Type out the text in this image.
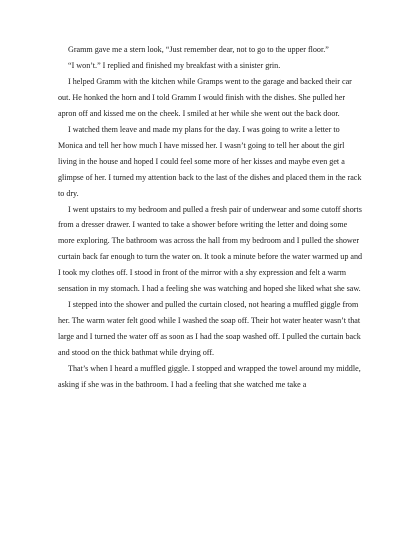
Gramm gave me a stern look, “Just remember dear, not to go to the upper floor.”

“I won’t.” I replied and finished my breakfast with a sinister grin.

I helped Gramm with the kitchen while Gramps went to the garage and backed their car out. He honked the horn and I told Gramm I would finish with the dishes. She pulled her apron off and kissed me on the cheek. I smiled at her while she went out the back door.

I watched them leave and made my plans for the day. I was going to write a letter to Monica and tell her how much I have missed her. I wasn’t going to tell her about the girl living in the house and hoped I could feel some more of her kisses and maybe even get a glimpse of her. I turned my attention back to the last of the dishes and placed them in the rack to dry.

I went upstairs to my bedroom and pulled a fresh pair of underwear and some cutoff shorts from a dresser drawer. I wanted to take a shower before writing the letter and doing some more exploring. The bathroom was across the hall from my bedroom and I pulled the shower curtain back far enough to turn the water on. It took a minute before the water warmed up and I took my clothes off. I stood in front of the mirror with a shy expression and felt a warm sensation in my stomach. I had a feeling she was watching and hoped she liked what she saw.

I stepped into the shower and pulled the curtain closed, not hearing a muffled giggle from her. The warm water felt good while I washed the soap off. Their hot water heater wasn’t that large and I turned the water off as soon as I had the soap washed off. I pulled the curtain back and stood on the thick bathmat while drying off.

That’s when I heard a muffled giggle. I stopped and wrapped the towel around my middle, asking if she was in the bathroom. I had a feeling that she watched me take a
